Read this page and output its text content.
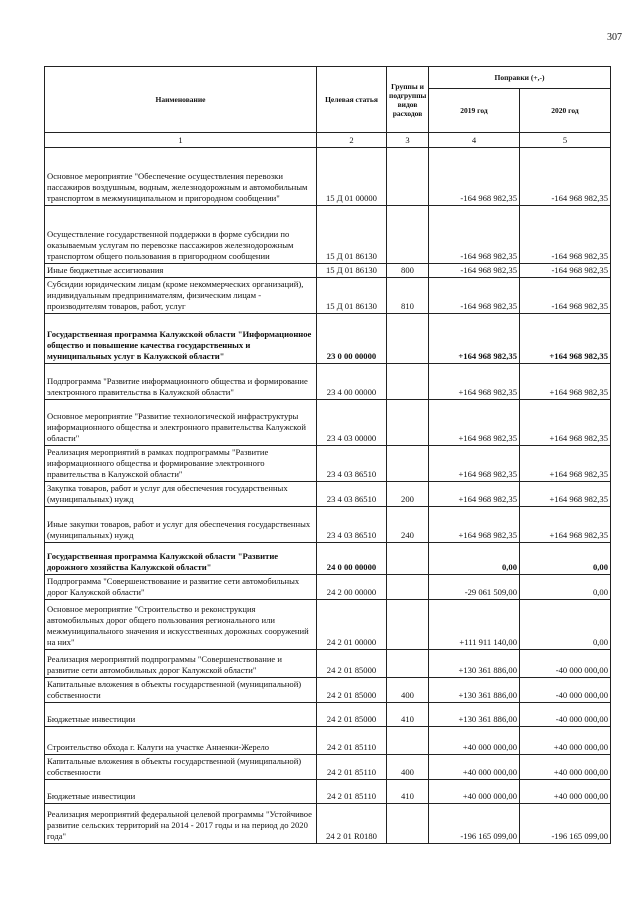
307
Наименование	Целевая статья	Группы и подгруппы видов расходов	Поправки (+,-)	
			2019 год	2020 год
1	2	3	4	5
Основное мероприятие "Обеспечение осуществления перевозки пассажиров воздушным, водным, железнодорожным и автомобильным транспортом в межмуниципальном и пригородном сообщении"	15 Д 01 00000		-164 968 982,35	-164 968 982,35
Осуществление государственной поддержки в форме субсидии по оказываемым услугам по перевозке пассажиров железнодорожным транспортом общего пользования в пригородном сообщении	15 Д 01 86130		-164 968 982,35	-164 968 982,35
Иные бюджетные ассигнования	15 Д 01 86130	800	-164 968 982,35	-164 968 982,35
Субсидии юридическим лицам (кроме некоммерческих организаций), индивидуальным предпринимателям, физическим лицам - производителям товаров, работ, услуг	15 Д 01 86130	810	-164 968 982,35	-164 968 982,35
Государственная программа Калужской области "Информационное общество и повышение качества государственных и муниципальных услуг в Калужской области"	23 0 00 00000		+164 968 982,35	+164 968 982,35
Подпрограмма "Развитие информационного общества и формирование электронного правительства в Калужской области"	23 4 00 00000		+164 968 982,35	+164 968 982,35
Основное мероприятие "Развитие технологической инфраструктуры информационного общества и электронного правительства Калужской области"	23 4 03 00000		+164 968 982,35	+164 968 982,35
Реализация мероприятий в рамках подпрограммы "Развитие информационного общества и формирование электронного правительства в Калужской области"	23 4 03 86510		+164 968 982,35	+164 968 982,35
Закупка товаров, работ и услуг для обеспечения государственных (муниципальных) нужд	23 4 03 86510	200	+164 968 982,35	+164 968 982,35
Иные закупки товаров, работ и услуг для обеспечения государственных (муниципальных) нужд	23 4 03 86510	240	+164 968 982,35	+164 968 982,35
Государственная программа Калужской области "Развитие дорожного хозяйства Калужской области"	24 0 00 00000		0,00	0,00
Подпрограмма "Совершенствование и развитие сети автомобильных дорог Калужской области"	24 2 00 00000		-29 061 509,00	0,00
Основное мероприятие "Строительство и реконструкция автомобильных дорог общего пользования регионального или межмуниципального значения и искусственных дорожных сооружений на них"	24 2 01 00000		+111 911 140,00	0,00
Реализация мероприятий подпрограммы "Совершенствование и развитие сети автомобильных дорог Калужской области"	24 2 01 85000		+130 361 886,00	-40 000 000,00
Капитальные вложения в объекты государственной (муниципальной) собственности	24 2 01 85000	400	+130 361 886,00	-40 000 000,00
Бюджетные инвестиции	24 2 01 85000	410	+130 361 886,00	-40 000 000,00
Строительство обхода г. Калуги на участке Анненки-Жерело	24 2 01 85110		+40 000 000,00	+40 000 000,00
Капитальные вложения в объекты государственной (муниципальной) собственности	24 2 01 85110	400	+40 000 000,00	+40 000 000,00
Бюджетные инвестиции	24 2 01 85110	410	+40 000 000,00	+40 000 000,00
Реализация мероприятий федеральной целевой программы "Устойчивое развитие сельских территорий на 2014 - 2017 годы и на период до 2020 года"	24 2 01 R0180		-196 165 099,00	-196 165 099,00
